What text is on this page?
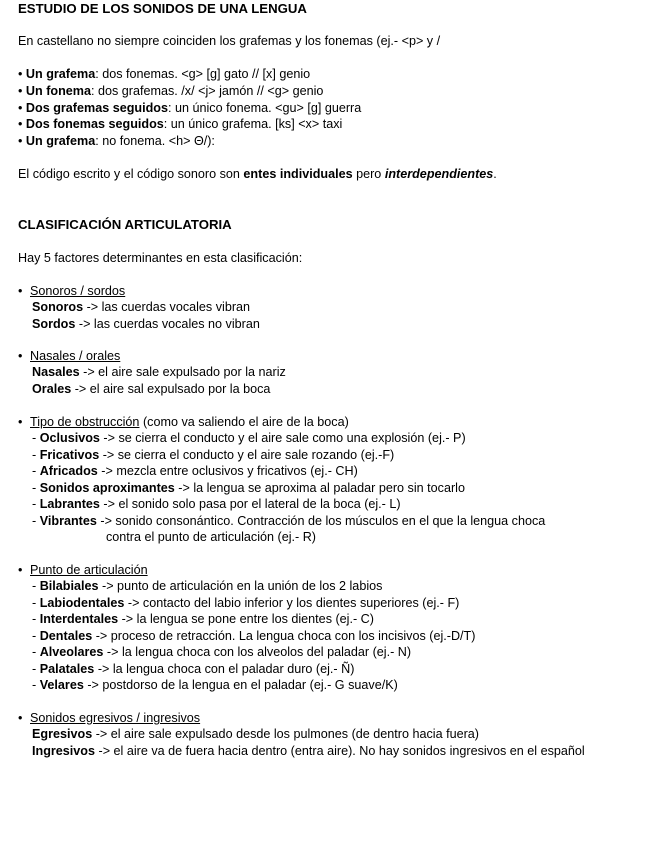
ESTUDIO DE LOS SONIDOS DE UNA LENGUA
En castellano no siempre coinciden los grafemas y los fonemas (ej.- <p> y /
• Un grafema: dos fonemas. <g> [g] gato // [x] genio
• Un fonema: dos grafemas. /x/ <j> jamón // <g> genio
• Dos grafemas seguidos: un único fonema. <gu> [g] guerra
• Dos fonemas seguidos: un único grafema. [ks] <x> taxi
• Un grafema: no fonema. <h> Θ/):
El código escrito y el código sonoro son entes individuales pero interdependientes.
CLASIFICACIÓN ARTICULATORIA
Hay 5 factores determinantes en esta clasificación:
• Sonoros / sordos
Sonoros -> las cuerdas vocales vibran
Sordos -> las cuerdas vocales no vibran
• Nasales / orales
Nasales -> el aire sale expulsado por la nariz
Orales -> el aire sal expulsado por la boca
• Tipo de obstrucción (como va saliendo el aire de la boca)
- Oclusivos -> se cierra el conducto y el aire sale como una explosión (ej.- P)
- Fricativos -> se cierra el conducto y el aire sale rozando (ej.-F)
- Africados -> mezcla entre oclusivos y fricativos (ej.- CH)
- Sonidos aproximantes -> la lengua se aproxima al paladar pero sin tocarlo
- Labrantes -> el sonido solo pasa por el lateral de la boca (ej.- L)
- Vibrantes -> sonido consonántico. Contracción de los músculos en el que la lengua choca
contra el punto de articulación (ej.- R)
• Punto de articulación
- Bilabiales -> punto de articulación en la unión de los 2 labios
- Labiodentales -> contacto del labio inferior y los dientes superiores (ej.- F)
- Interdentales -> la lengua se pone entre los dientes (ej.- C)
- Dentales -> proceso de retracción. La lengua choca con los incisivos (ej.-D/T)
- Alveolares -> la lengua choca con los alveolos del paladar (ej.- N)
- Palatales -> la lengua choca con el paladar duro (ej.- Ñ)
- Velares -> postdorso de la lengua en el paladar (ej.- G suave/K)
• Sonidos egresivos / ingresivos
Egresivos -> el aire sale expulsado desde los pulmones (de dentro hacia fuera)
Ingresivos -> el aire va de fuera hacia dentro (entra aire). No hay sonidos ingresivos en el español
